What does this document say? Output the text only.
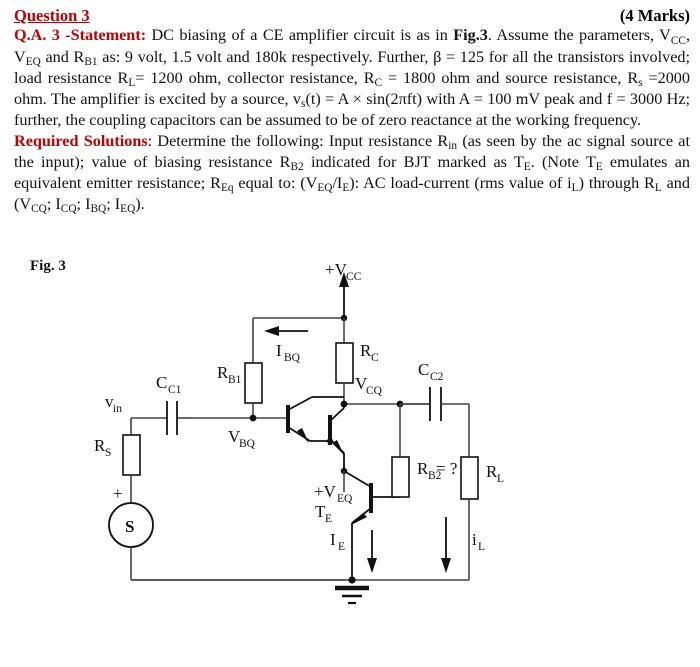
Question 3	(4 Marks)

Q.A. 3 -Statement: DC biasing of a CE amplifier circuit is as in Fig.3. Assume the parameters, $V_{CC}$, $V_{EQ}$ and $R_{B1}$ as: 9 volt, 1.5 volt and 180k respectively. Further, β = 125 for all the transistors involved; load resistance $R_L= 1200$ ohm, collector resistance, $R_C = 1800$ ohm and source resistance, $R_s =2000$ ohm. The amplifier is excited by a source, $v_s(t) = A \times \sin(2\pi ft)$ with A = 100 mV peak and f = 3000 Hz; further, the coupling capacitors can be assumed to be of zero reactance at the working frequency.

Required Solutions: Determine the following: Input resistance $R_{in}$ (as seen by the ac signal source at the input); value of biasing resistance $R_{B2}$ indicated for BJT marked as $T_E$. (Note $T_E$ emulates an equivalent emitter resistance; $R_{Eq}$ equal to: $(V_{EQ}/I_E)$: AC load-current (rms value of $i_L$) through $R_L$ and ($V_{CQ}$; $I_{CQ}$; $I_{BQ}$; $I_{EQ}$).

Fig. 3	+V CC
I BQ
R B1
R C
V
BQ
C C1
v in
R S
+
S
+V EQ
T E
V
CQ
R B2
= ?
C C2
R L
i L
I E
